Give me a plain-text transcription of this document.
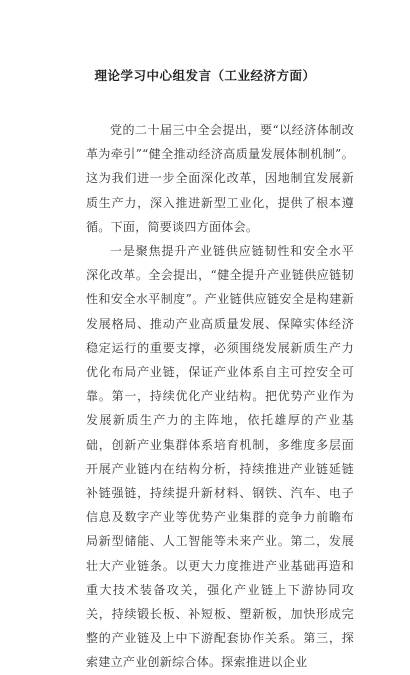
理论学习中心组发言（工业经济方面）

党的二十届三中全会提出，要“以经济体制改革为牵引”“健全推动经济高质量发展体制机制”。这为我们进一步全面深化改革，因地制宜发展新质生产力，深入推进新型工业化，提供了根本遵循。下面，简要谈四方面体会。

一是聚焦提升产业链供应链韧性和安全水平深化改革。全会提出，“健全提升产业链供应链韧性和安全水平制度”。产业链供应链安全是构建新发展格局、推动产业高质量发展、保障实体经济稳定运行的重要支撑，必须围绕发展新质生产力优化布局产业链，保证产业体系自主可控安全可靠。第一，持续优化产业结构。把优势产业作为发展新质生产力的主阵地，依托雄厚的产业基础，创新产业集群体系培育机制，多维度多层面开展产业链内在结构分析，持续推进产业链延链补链强链，持续提升新材料、钢铁、汽车、电子信息及数字产业等优势产业集群的竞争力前瞻布局新型储能、人工智能等未来产业。第二，发展壮大产业链条。以更大力度推进产业基础再造和重大技术装备攻关，强化产业链上下游协同攻关，持续锻长板、补短板、塑新板，加快形成完整的产业链及上中下游配套协作关系。第三，探索建立产业创新综合体。探索推进以企业
